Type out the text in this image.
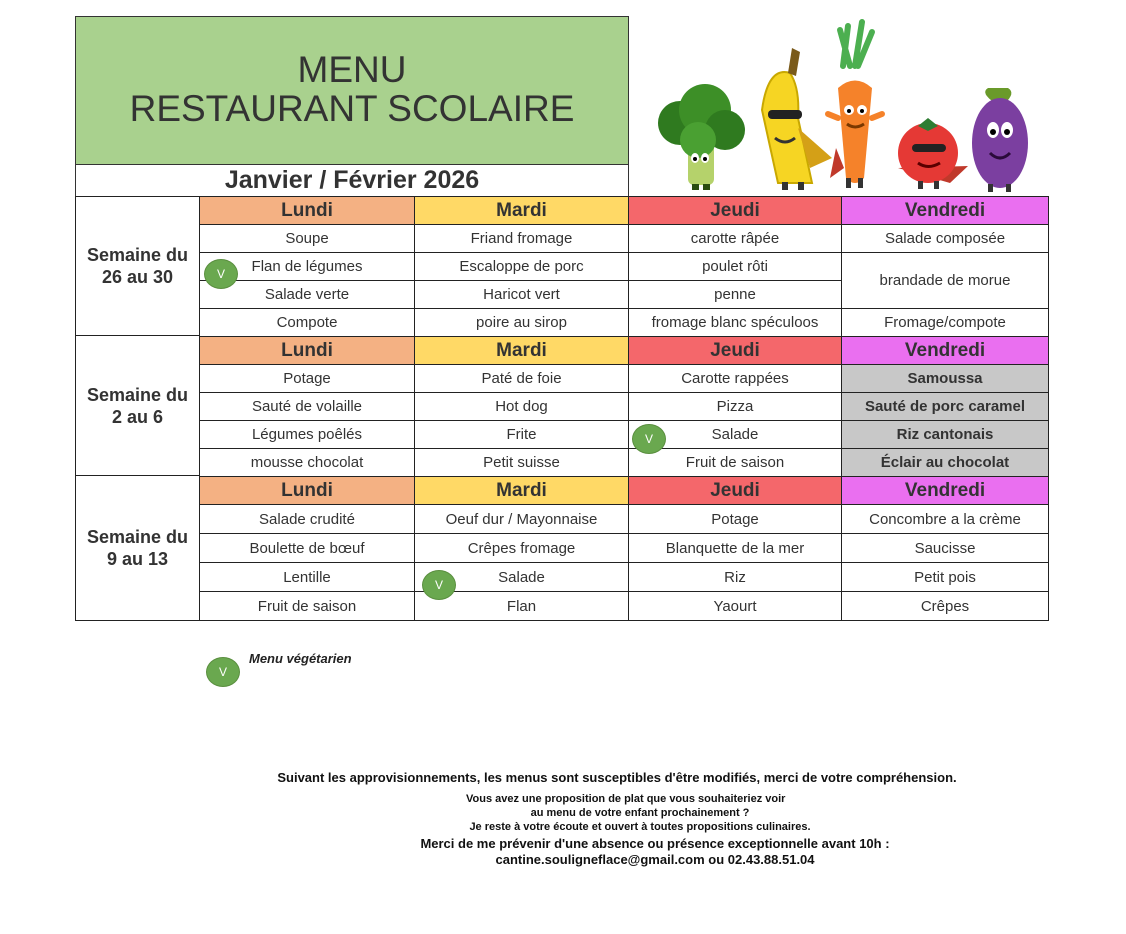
MENU
RESTAURANT SCOLAIRE
Janvier / Février 2026
Semaine du
26 au 30
Semaine du
2 au 6
Semaine du
9 au 13
Lundi	Mardi	Jeudi	Vendredi
Soupe	Friand fromage	carotte râpée	Salade composée
Flan de légumes	Escaloppe de porc	poulet rôti	brandade de morue
Salade verte	Haricot vert	penne	
Compote	poire au sirop	fromage blanc spéculoos	Fromage/compote
Lundi	Mardi	Jeudi	Vendredi
Potage	Paté de foie	Carotte rappées	Samoussa
Sauté de volaille	Hot dog	Pizza	Sauté de porc caramel
Légumes poêlés	Frite	Salade	Riz cantonais
mousse chocolat	Petit suisse	Fruit de saison	Éclair au chocolat
Lundi	Mardi	Jeudi	Vendredi
Salade crudité	Oeuf dur / Mayonnaise	Potage	Concombre a la crème
Boulette de bœuf	Crêpes fromage	Blanquette de la mer	Saucisse
Lentille	Salade	Riz	Petit pois
Fruit de saison	Flan	Yaourt	Crêpes
V
V
V
V
Menu végétarien
Suivant les approvisionnements, les menus sont susceptibles d'être modifiés, merci de votre compréhension.
Vous avez une proposition de plat que vous souhaiteriez voir
au menu de votre enfant prochainement ?
Je reste à votre écoute et ouvert à toutes propositions culinaires.
Merci de me prévenir d'une absence ou présence exceptionnelle avant 10h :
cantine.souligneflace@gmail.com ou 02.43.88.51.04
